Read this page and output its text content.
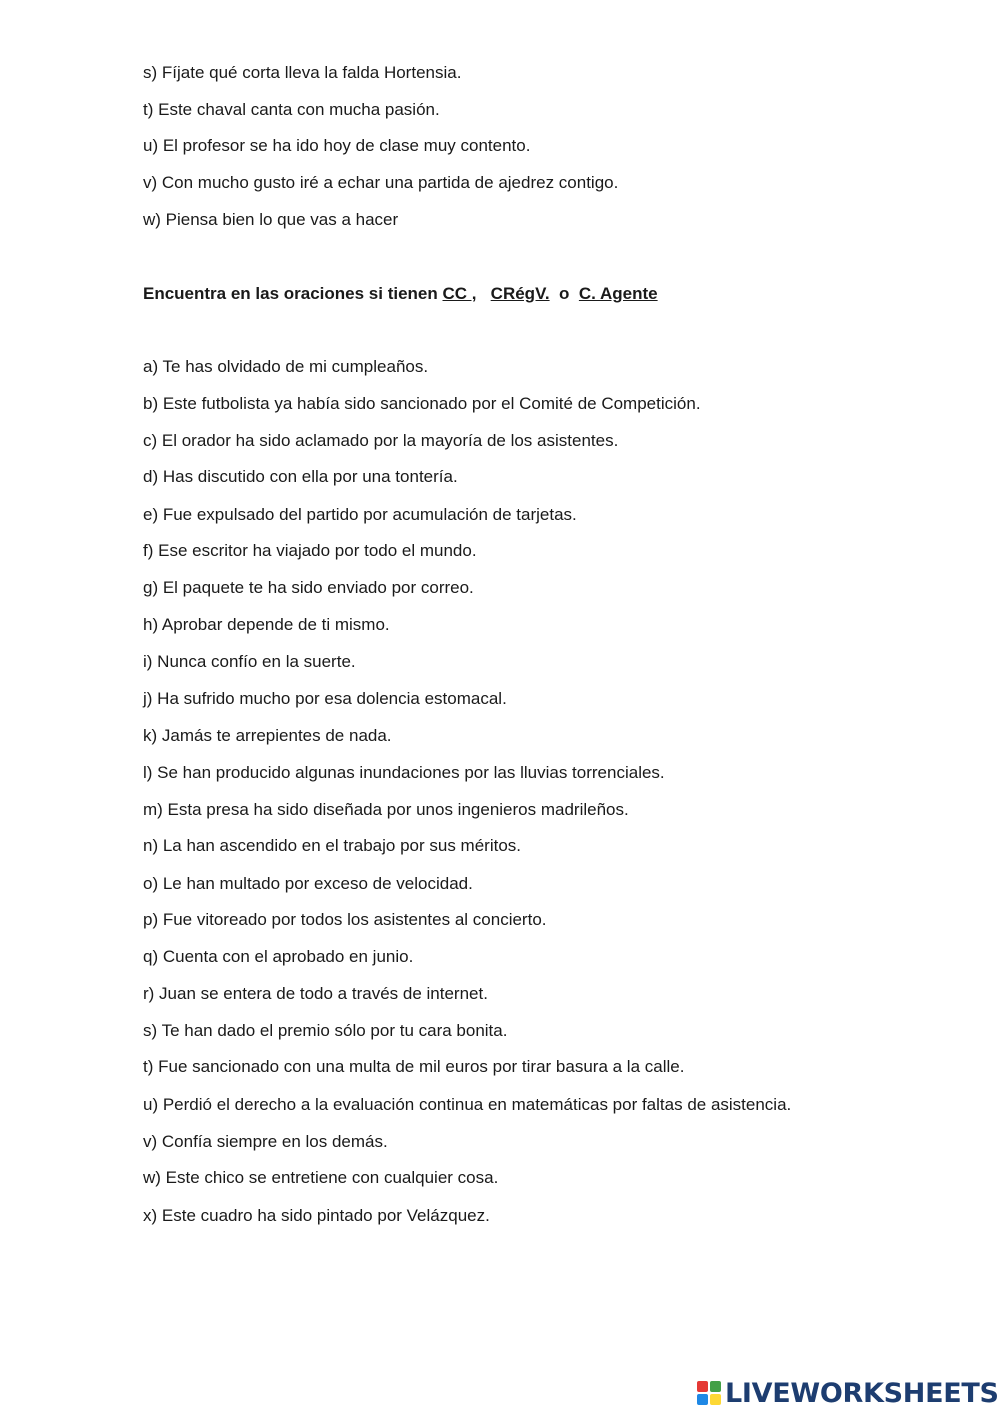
s) Fíjate qué corta lleva la falda Hortensia.

t) Este chaval canta con mucha pasión.

u) El profesor se ha ido hoy de clase muy contento.

v) Con mucho gusto iré a echar una partida de ajedrez contigo.

w) Piensa bien lo que vas a hacer

Encuentra en las oraciones si tienen CC , CRégV.  o  C. Agente

a) Te has olvidado de mi cumpleaños.

b) Este futbolista ya había sido sancionado por el Comité de Competición.

c) El orador ha sido aclamado por la mayoría de los asistentes.

d) Has discutido con ella por una tontería.

e) Fue expulsado del partido por acumulación de tarjetas.

f) Ese escritor ha viajado por todo el mundo.

g) El paquete te ha sido enviado por correo.

h) Aprobar depende de ti mismo.

i) Nunca confío en la suerte.

j) Ha sufrido mucho por esa dolencia estomacal.

k) Jamás te arrepientes de nada.

l) Se han producido algunas inundaciones por las lluvias torrenciales.

m) Esta presa ha sido diseñada por unos ingenieros madrileños.

n) La han ascendido en el trabajo por sus méritos.

o) Le han multado por exceso de velocidad.

p) Fue vitoreado por todos los asistentes al concierto.

q) Cuenta con el aprobado en junio.

r) Juan se entera de todo a través de internet.

s) Te han dado el premio sólo por tu cara bonita.

t) Fue sancionado con una multa de mil euros por tirar basura a la calle.

u) Perdió el derecho a la evaluación continua en matemáticas por faltas de asistencia.

v) Confía siempre en los demás.

w) Este chico se entretiene con cualquier cosa.

x) Este cuadro ha sido pintado por Velázquez.

LIVEWORKSHEETS
